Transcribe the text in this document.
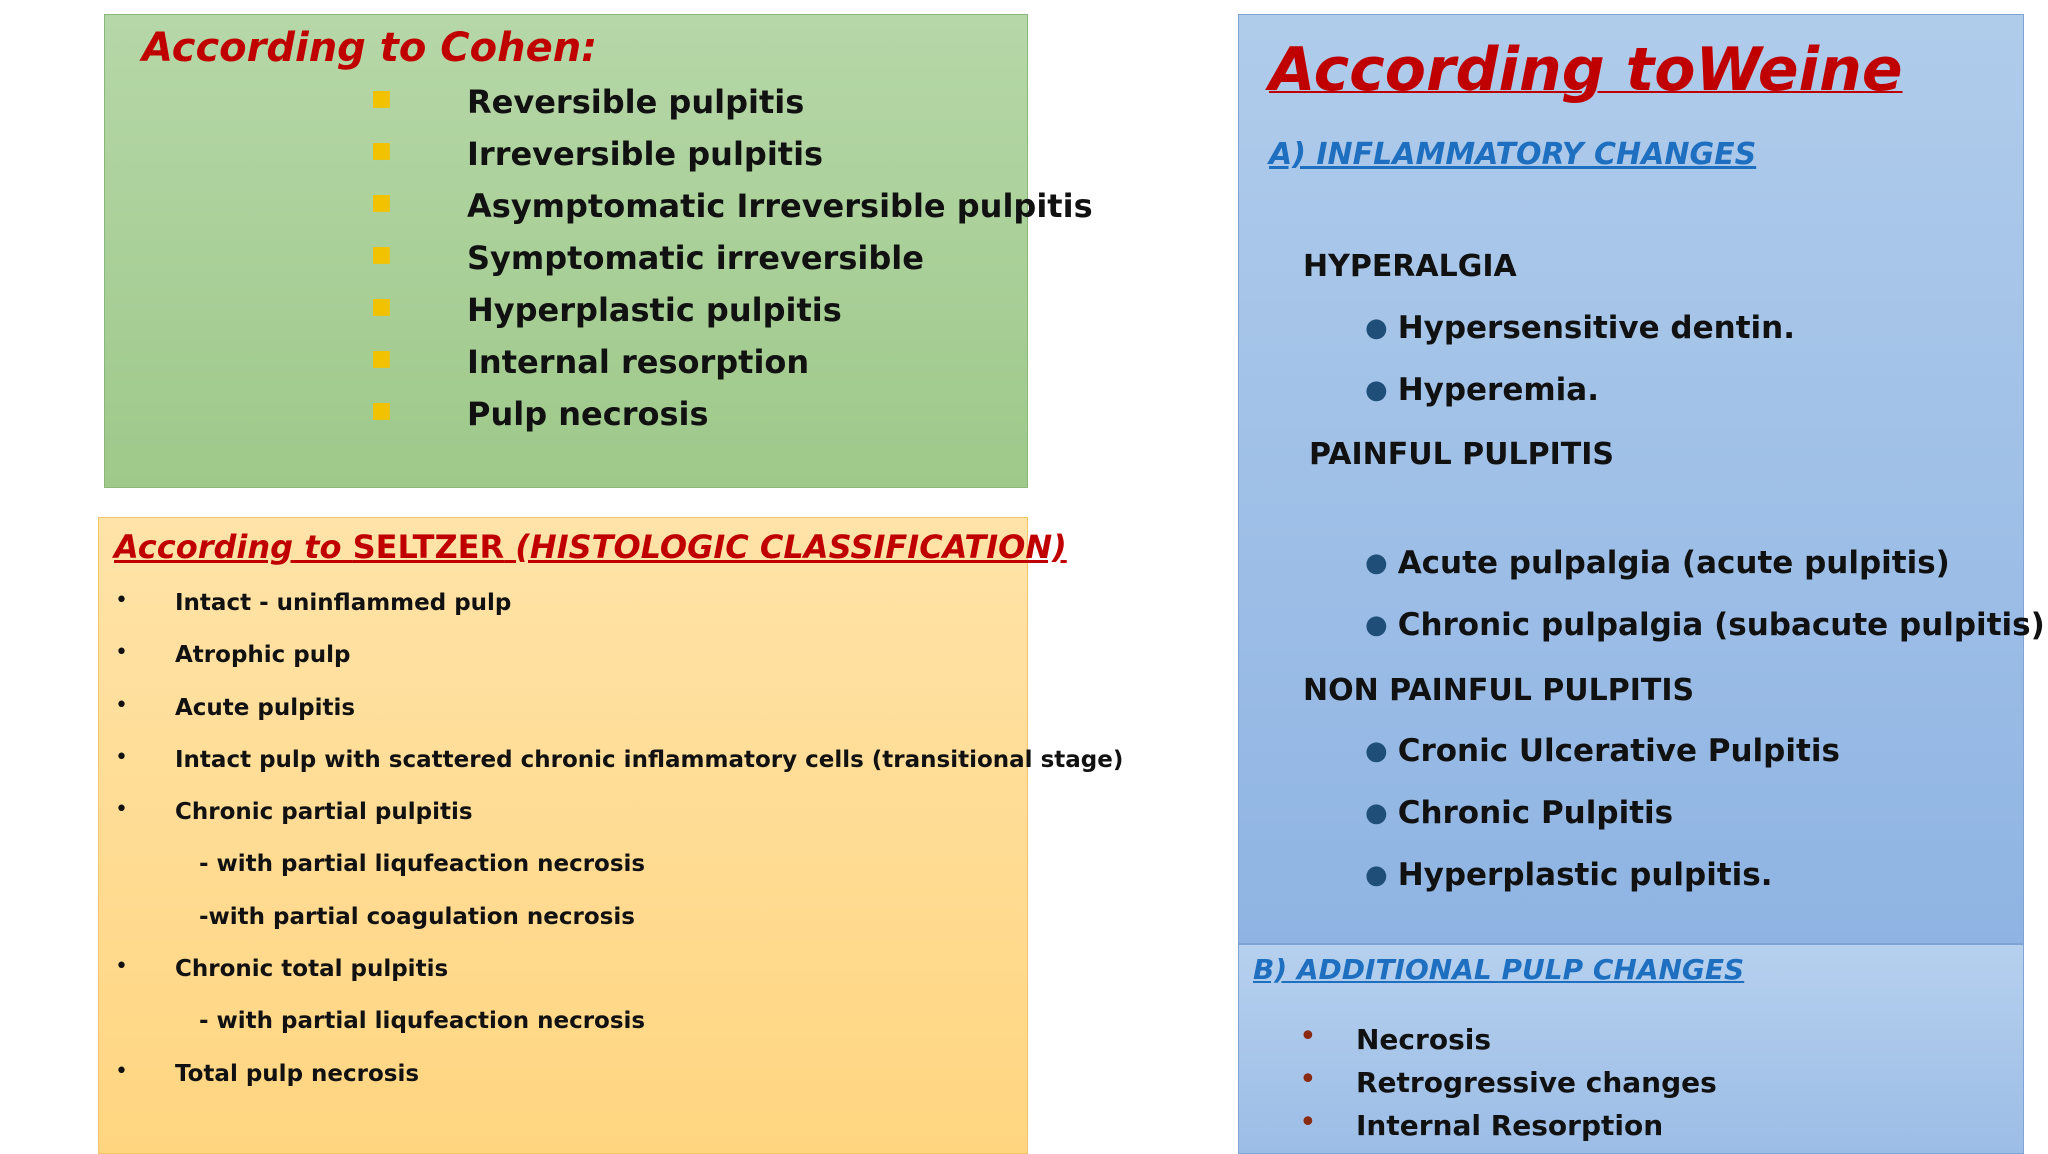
According to Cohen:
■ Reversible pulpitis
■ Irreversible pulpitis
■ Asymptomatic Irreversible pulpitis
■ Symptomatic irreversible
■ Hyperplastic pulpitis
■ Internal resorption
■ Pulp necrosis
According to SELTZER (HISTOLOGIC CLASSIFICATION)
• Intact - uninflammed pulp
• Atrophic pulp
• Acute pulpitis
• Intact pulp with scattered chronic inflammatory cells (transitional stage)
• Chronic partial pulpitis
- with partial liqufeaction necrosis
-with partial coagulation necrosis
• Chronic total pulpitis
- with partial liqufeaction necrosis
• Total pulp necrosis
According toWeine
A) INFLAMMATORY CHANGES
HYPERALGIA
● Hypersensitive dentin.
● Hyperemia.
PAINFUL PULPITIS
● Acute pulpalgia (acute pulpitis)
● Chronic pulpalgia (subacute pulpitis)
NON PAINFUL PULPITIS
● Cronic Ulcerative Pulpitis
● Chronic Pulpitis
● Hyperplastic pulpitis.
B) ADDITIONAL PULP CHANGES
• Necrosis
• Retrogressive changes
• Internal Resorption
